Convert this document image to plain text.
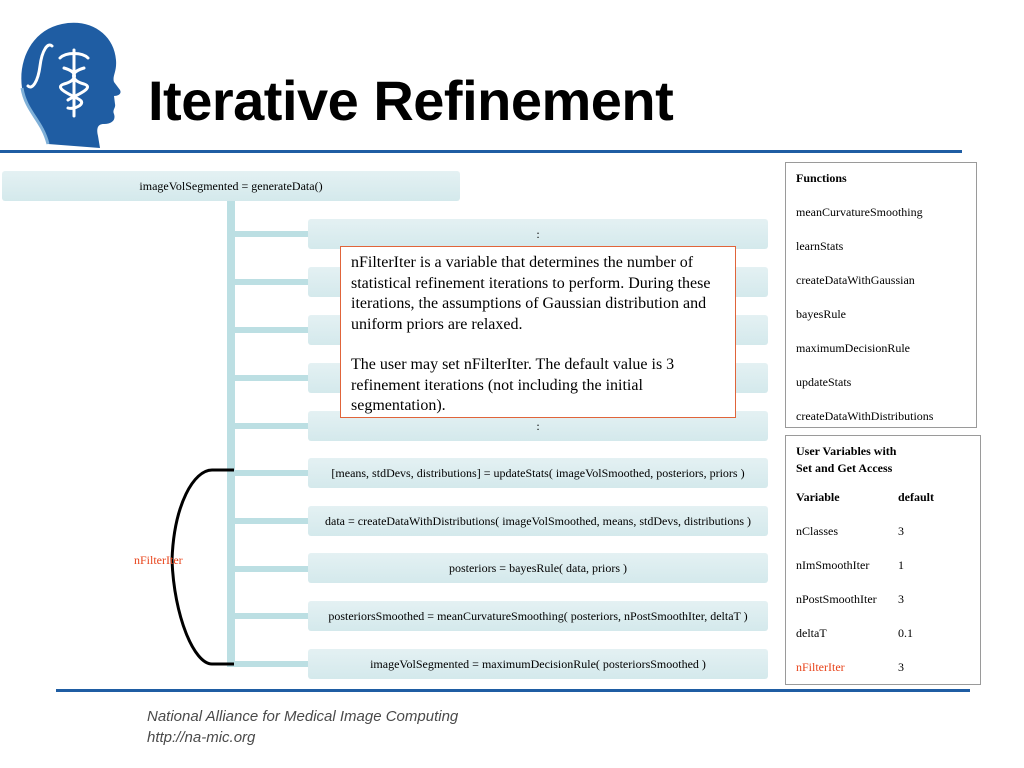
Iterative Refinement
imageVolSegmented = generateData()
:
:
[means, stdDevs, distributions] = updateStats( imageVolSmoothed, posteriors, priors )
data = createDataWithDistributions( imageVolSmoothed, means, stdDevs, distributions )
posteriors = bayesRule( data, priors )
posteriorsSmoothed = meanCurvatureSmoothing( posteriors, nPostSmoothIter, deltaT )
imageVolSegmented = maximumDecisionRule( posteriorsSmoothed )
nFilterIter

nFilterIter is a variable that determines the number of statistical refinement iterations to perform. During these iterations, the assumptions of Gaussian distribution and uniform priors are relaxed.

The user may set nFilterIter. The default value is 3 refinement iterations (not including the initial segmentation).

Functions
meanCurvatureSmoothing
learnStats
createDataWithGaussian
bayesRule
maximumDecisionRule
updateStats
createDataWithDistributions
User Variables with
Set and Get Access
Variable	default
nClasses	3
nImSmoothIter	1
nPostSmoothIter	3
deltaT	0.1
nFilterIter	3
National Alliance for Medical Image Computing
http://na-mic.org
